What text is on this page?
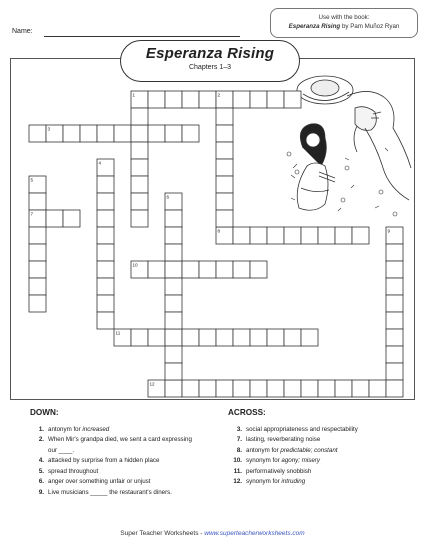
Use with the book:
Esperanza Rising by Pam Muñoz Ryan
Name:
1	2
3
4
5
6
7
8	9
10
11
12
Esperanza Rising
Chapters 1–3
DOWN:
1. antonym for increased
2. When Mir's grandpa died, we sent a card expressing our ____.
4. attacked by surprise from a hidden place
5. spread throughout
6. anger over something unfair or unjust
9. Live musicians _____ the restaurant's diners.
ACROSS:
3. social appropriateness and respectability
7. lasting, reverberating noise
8. antonym for predictable; constant
10. synonym for agony; misery
11. performatively snobbish
12. synonym for intruding
Super Teacher Worksheets - www.superteacherworksheets.com
